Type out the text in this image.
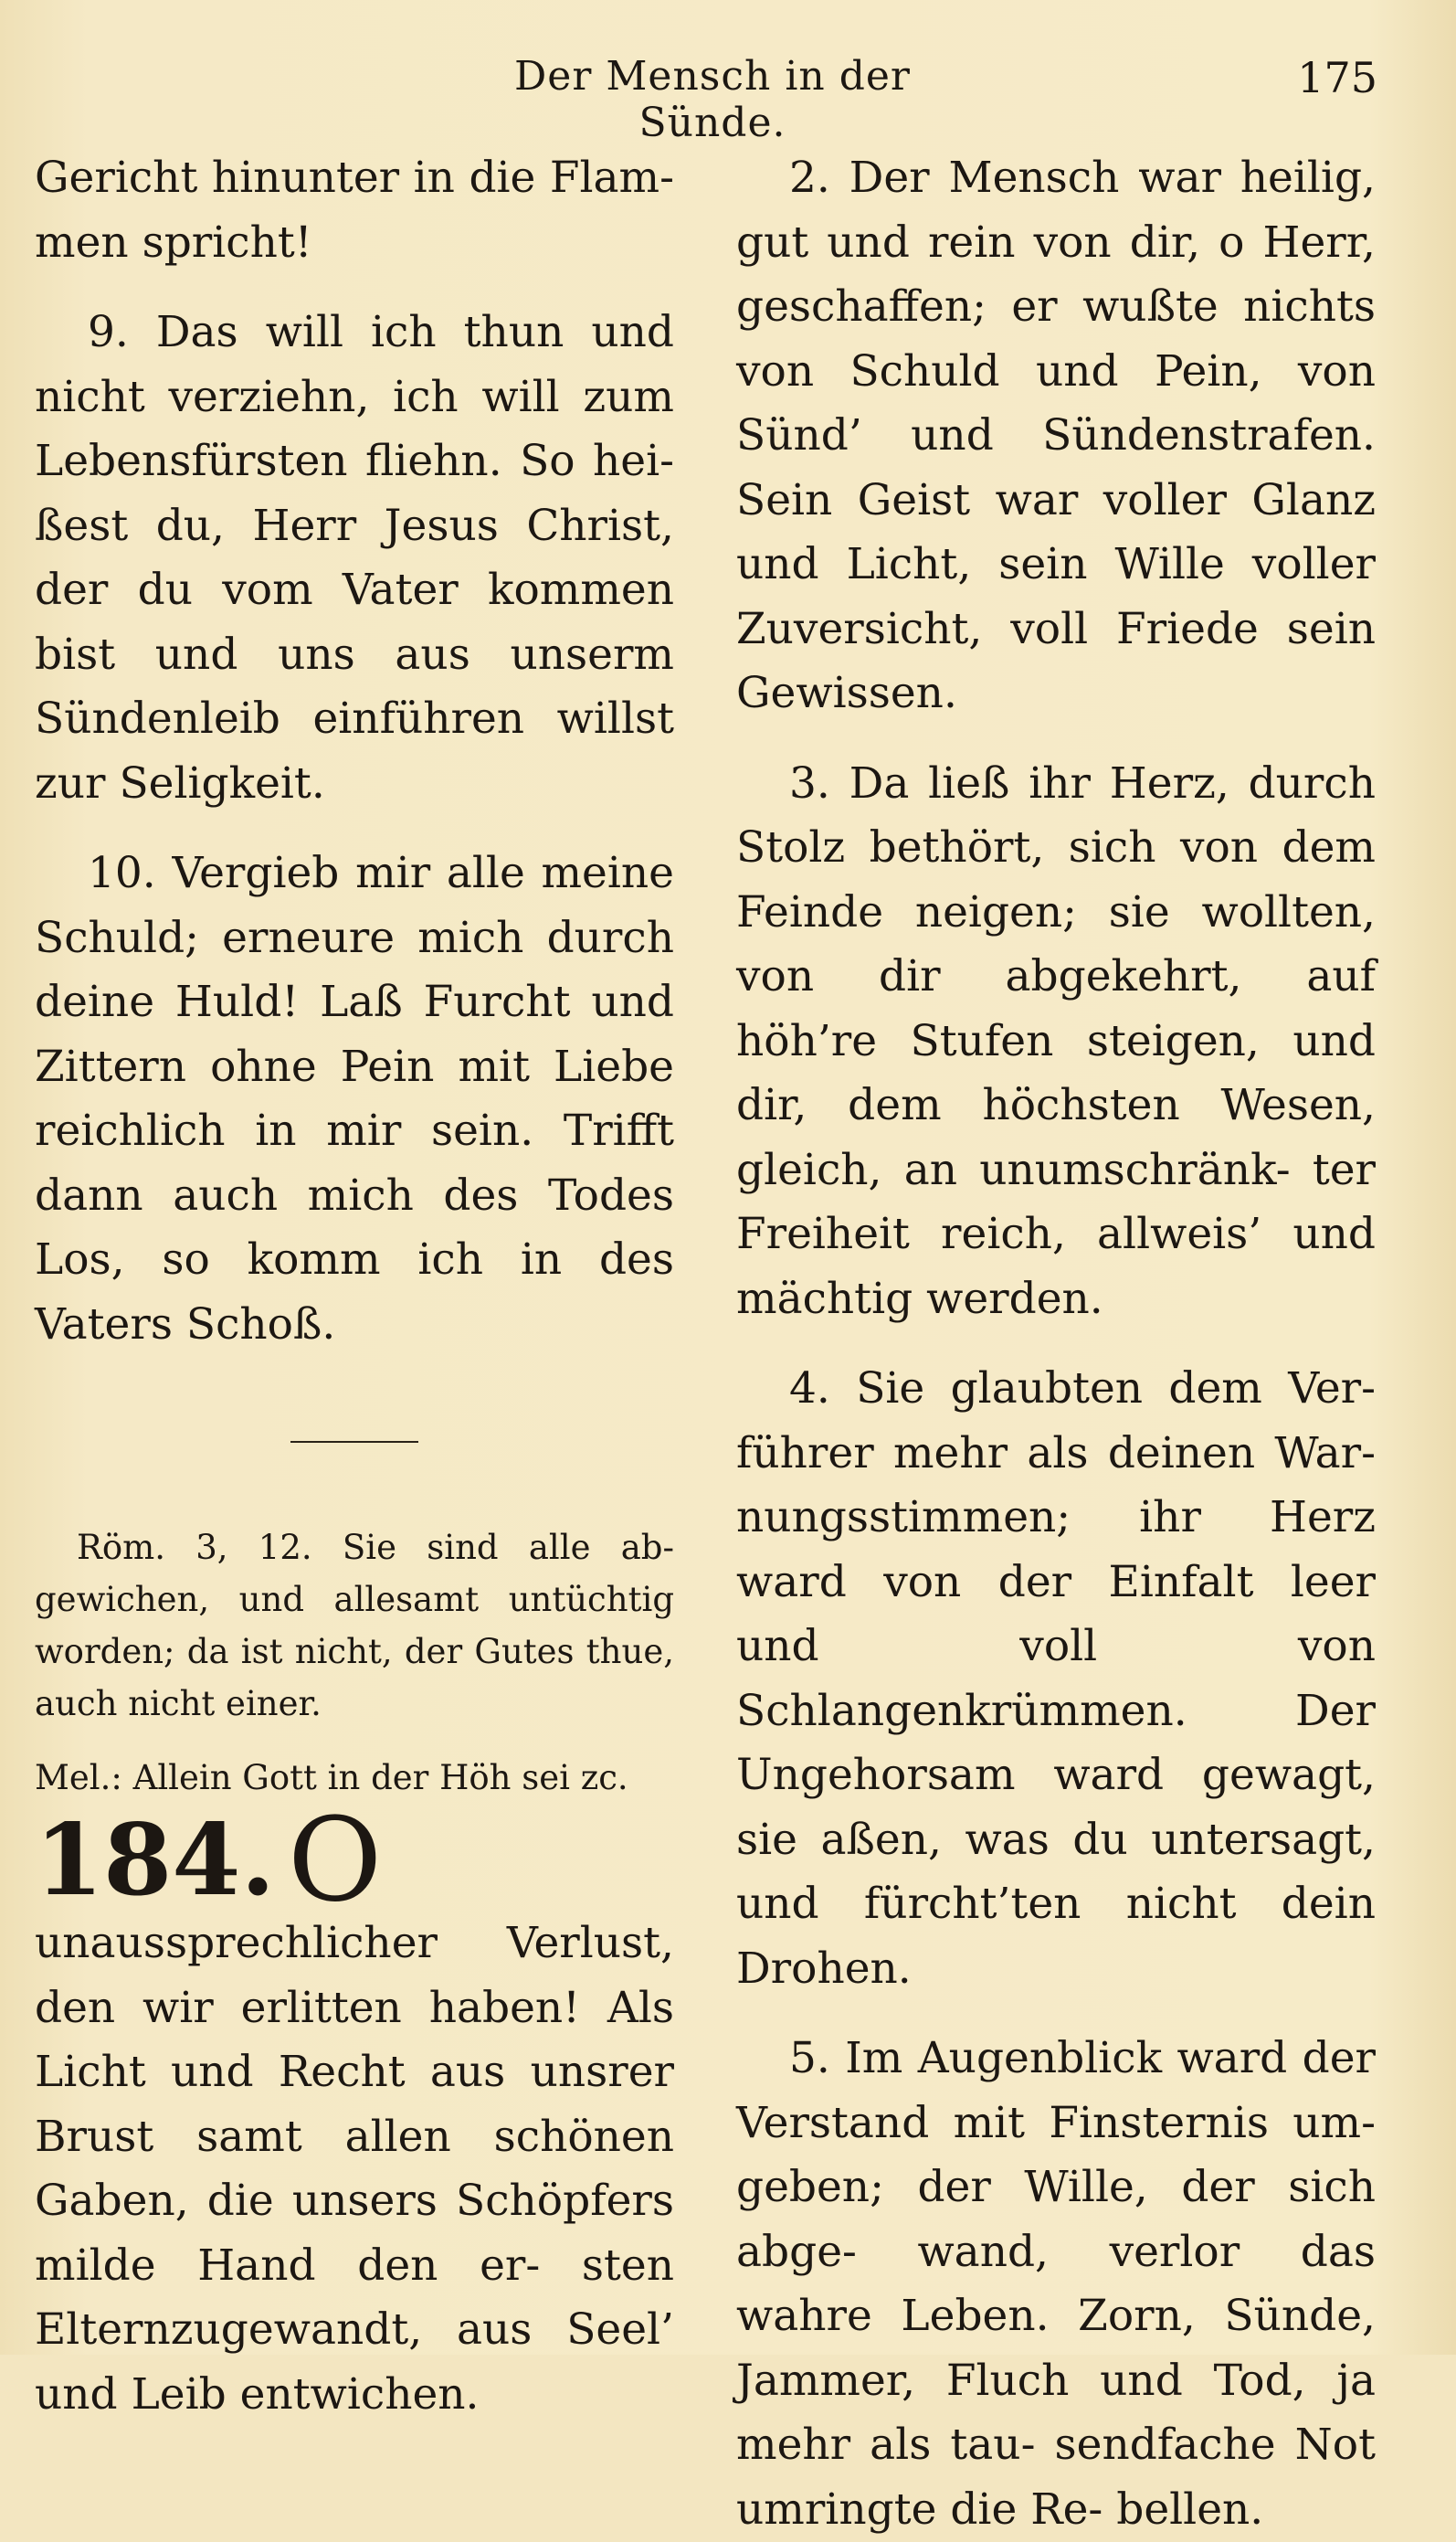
Der Mensch in der Sünde.
175

Gericht hinunter in die Flam- men spricht!

9. Das will ich thun und nicht verziehn, ich will zum Lebensfürsten fliehn. So hei- ßest du, Herr Jesus Christ, der du vom Vater kommen bist und uns aus unserm Sündenleib einführen willst zur Seligkeit.

10. Vergieb mir alle meine Schuld; erneure mich durch deine Huld! Laß Furcht und Zittern ohne Pein mit Liebe reichlich in mir sein. Trifft dann auch mich des Todes Los, so komm ich in des Vaters Schoß.

Röm. 3, 12. Sie sind alle ab- gewichen, und allesamt untüchtig worden; da ist nicht, der Gutes thue, auch nicht einer.

Mel.: Allein Gott in der Höh sei zc.

184. O
unaussprechlicher Verlust, den wir erlitten haben! Als Licht und Recht aus unsrer Brust samt allen schönen Gaben, die unsers Schöpfers milde Hand den er- sten Elternzugewandt, aus Seel’ und Leib entwichen.

2. Der Mensch war heilig, gut und rein von dir, o Herr, geschaffen; er wußte nichts von Schuld und Pein, von Sünd’ und Sündenstrafen. Sein Geist war voller Glanz und Licht, sein Wille voller Zuversicht, voll Friede sein Gewissen.

3. Da ließ ihr Herz, durch Stolz bethört, sich von dem Feinde neigen; sie wollten, von dir abgekehrt, auf höh’re Stufen steigen, und dir, dem höchsten Wesen, gleich, an unumschränk- ter Freiheit reich, allweis’ und mächtig werden.

4. Sie glaubten dem Ver- führer mehr als deinen War- nungsstimmen; ihr Herz ward von der Einfalt leer und voll von Schlangenkrümmen. Der Ungehorsam ward gewagt, sie aßen, was du untersagt, und fürcht’ten nicht dein Drohen.

5. Im Augenblick ward der Verstand mit Finsternis um- geben; der Wille, der sich abge- wand, verlor das wahre Leben. Zorn, Sünde, Jammer, Fluch und Tod, ja mehr als tau- sendfache Not umringte die Re- bellen.
